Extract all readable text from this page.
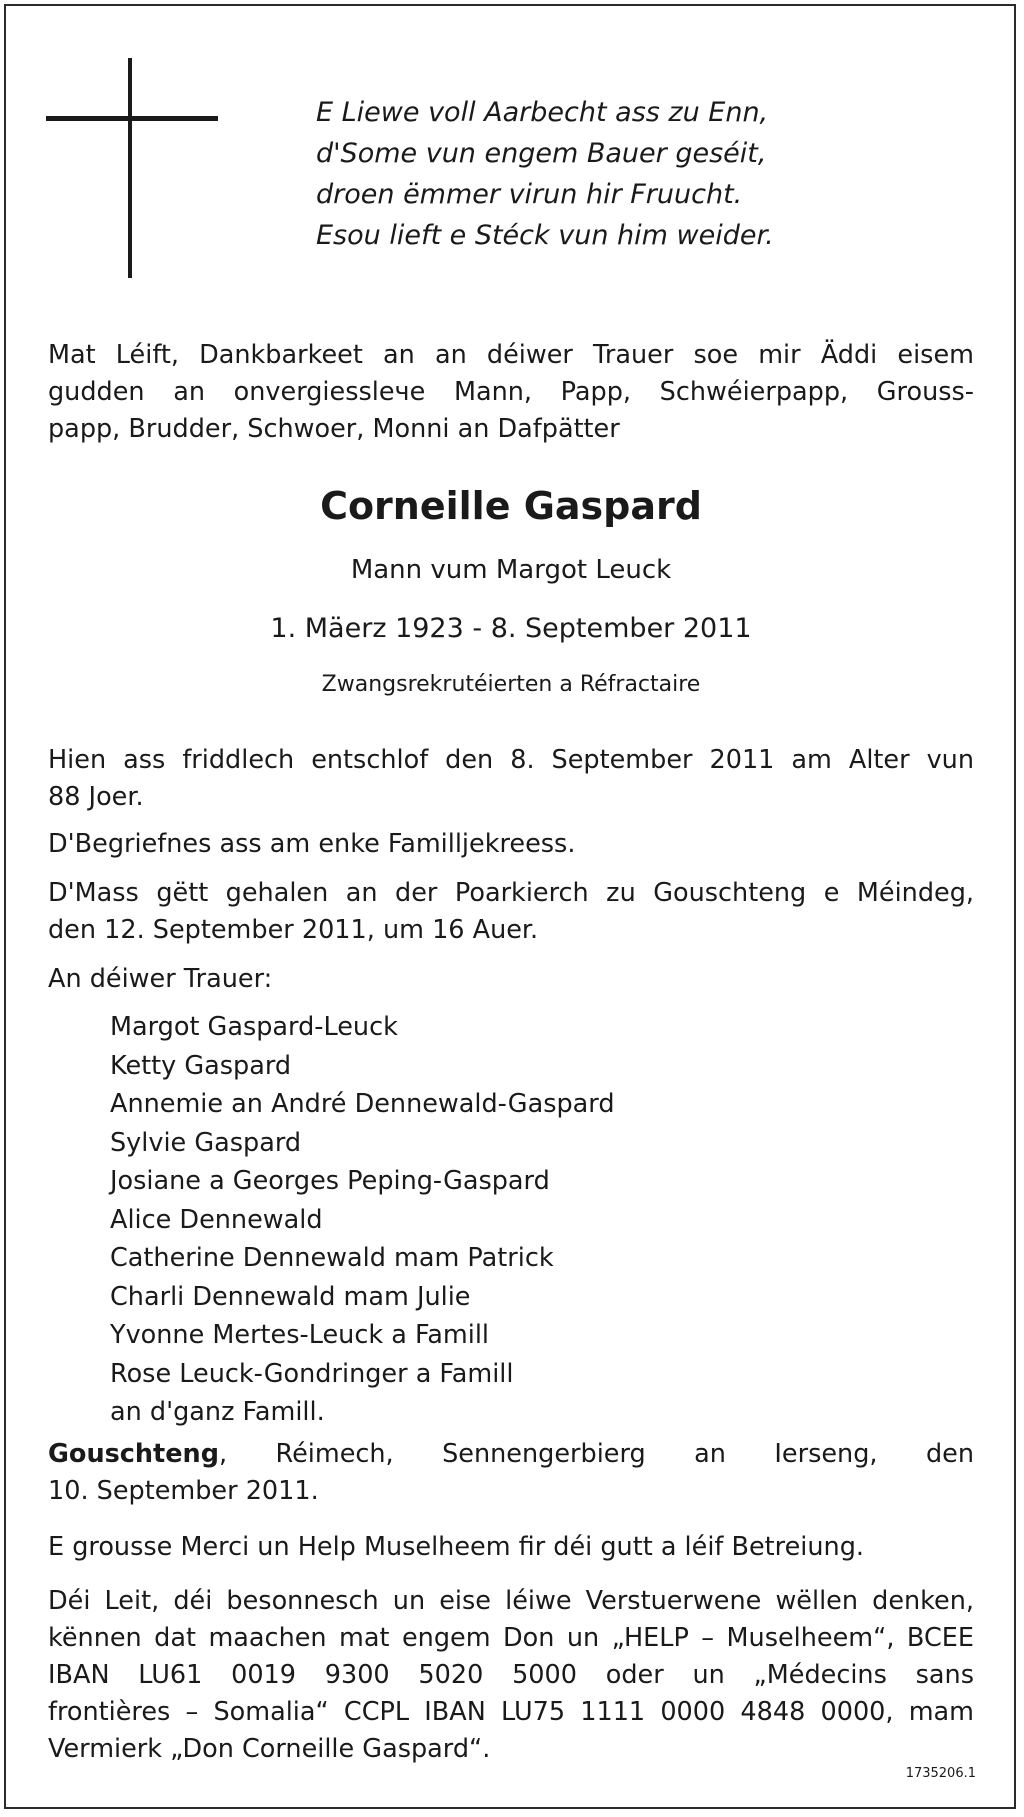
E Liewe voll Aarbecht ass zu Enn,
d'Some vun engem Bauer geséit,
droen ëmmer virun hir Fruucht.
Esou lieft e Stéck vun him weider.
Mat Léift, Dankbarkeet an an déiwer Trauer soe mir Äddi eisem
gudden an onvergiesslече Mann, Papp, Schwéierpapp, Grouss-
papp, Brudder, Schwoer, Monni an Dafpätter
Corneille Gaspard
Mann vum Margot Leuck
1. Mäerz 1923 - 8. September 2011
Zwangsrekrutéierten a Réfractaire
Hien ass friddlech entschlof den 8. September 2011 am Alter vun
88 Joer.
D'Begriefnes ass am enke Familljekreess.
D'Mass gëtt gehalen an der Poarkierch zu Gouschteng e Méindeg,
den 12. September 2011, um 16 Auer.
An déiwer Trauer:
Margot Gaspard-Leuck
Ketty Gaspard
Annemie an André Dennewald-Gaspard
Sylvie Gaspard
Josiane a Georges Peping-Gaspard
Alice Dennewald
Catherine Dennewald mam Patrick
Charli Dennewald mam Julie
Yvonne Mertes-Leuck a Famill
Rose Leuck-Gondringer a Famill
an d'ganz Famill.
Gouschteng, Réimech, Sennengerbierg an Ierseng, den
10. September 2011.
E grousse Merci un Help Muselheem fir déi gutt a léif Betreiung.
Déi Leit, déi besonnesch un eise léiwe Verstuerwene wëllen denken,
kënnen dat maachen mat engem Don un „HELP – Muselheem“, BCEE
IBAN LU61 0019 9300 5020 5000 oder un „Médecins sans
frontières – Somalia“ CCPL IBAN LU75 1111 0000 4848 0000, mam
Vermierk „Don Corneille Gaspard“.
1735206.1
